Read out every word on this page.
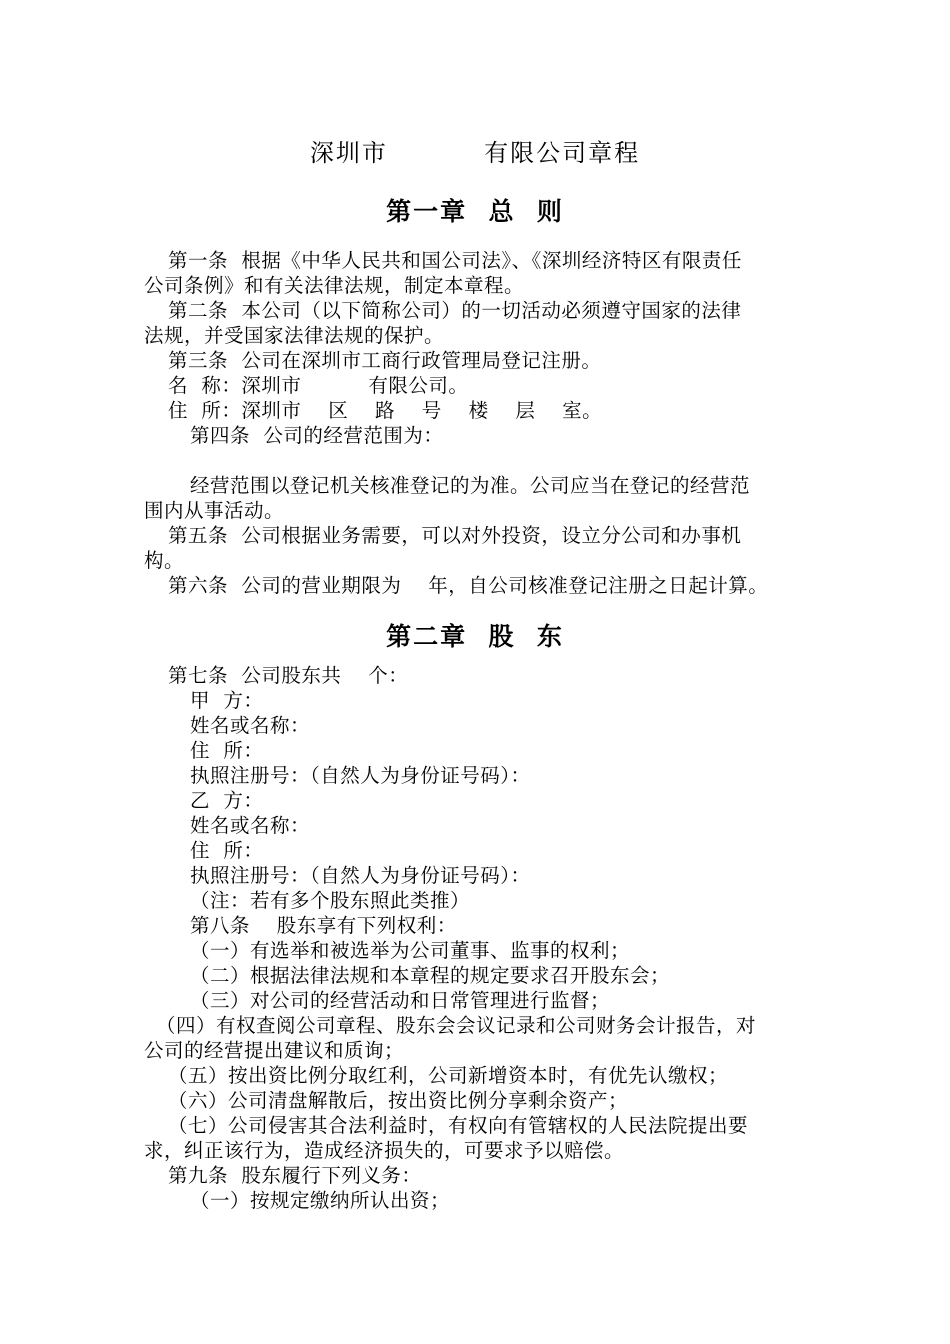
深圳市          有限公司章程
第一章  总  则
第一条  根据《中华人民共和国公司法》、《深圳经济特区有限责任
公司条例》和有关法律法规，制定本章程。
第二条  本公司（以下简称公司）的一切活动必须遵守国家的法律
法规，并受国家法律法规的保护。
第三条  公司在深圳市工商行政管理局登记注册。
名  称：深圳市          有限公司。
住  所：深圳市    区    路    号    楼    层    室。
第四条  公司的经营范围为：
经营范围以登记机关核准登记的为准。公司应当在登记的经营范
围内从事活动。
第五条  公司根据业务需要，可以对外投资，设立分公司和办事机
构。
第六条  公司的营业期限为    年，自公司核准登记注册之日起计算。
第二章  股  东
第七条  公司股东共    个：
甲  方：
姓名或名称：
住  所：
执照注册号：（自然人为身份证号码）：
乙  方：
姓名或名称：
住  所：
执照注册号：（自然人为身份证号码）：
（注：若有多个股东照此类推）
第八条    股东享有下列权利：
（一）有选举和被选举为公司董事、监事的权利；
（二）根据法律法规和本章程的规定要求召开股东会；
（三）对公司的经营活动和日常管理进行监督；
（四）有权查阅公司章程、股东会会议记录和公司财务会计报告，对
公司的经营提出建议和质询；
（五）按出资比例分取红利，公司新增资本时，有优先认缴权；
（六）公司清盘解散后，按出资比例分享剩余资产；
（七）公司侵害其合法利益时，有权向有管辖权的人民法院提出要
求，纠正该行为，造成经济损失的，可要求予以赔偿。
第九条  股东履行下列义务：
（一）按规定缴纳所认出资；
